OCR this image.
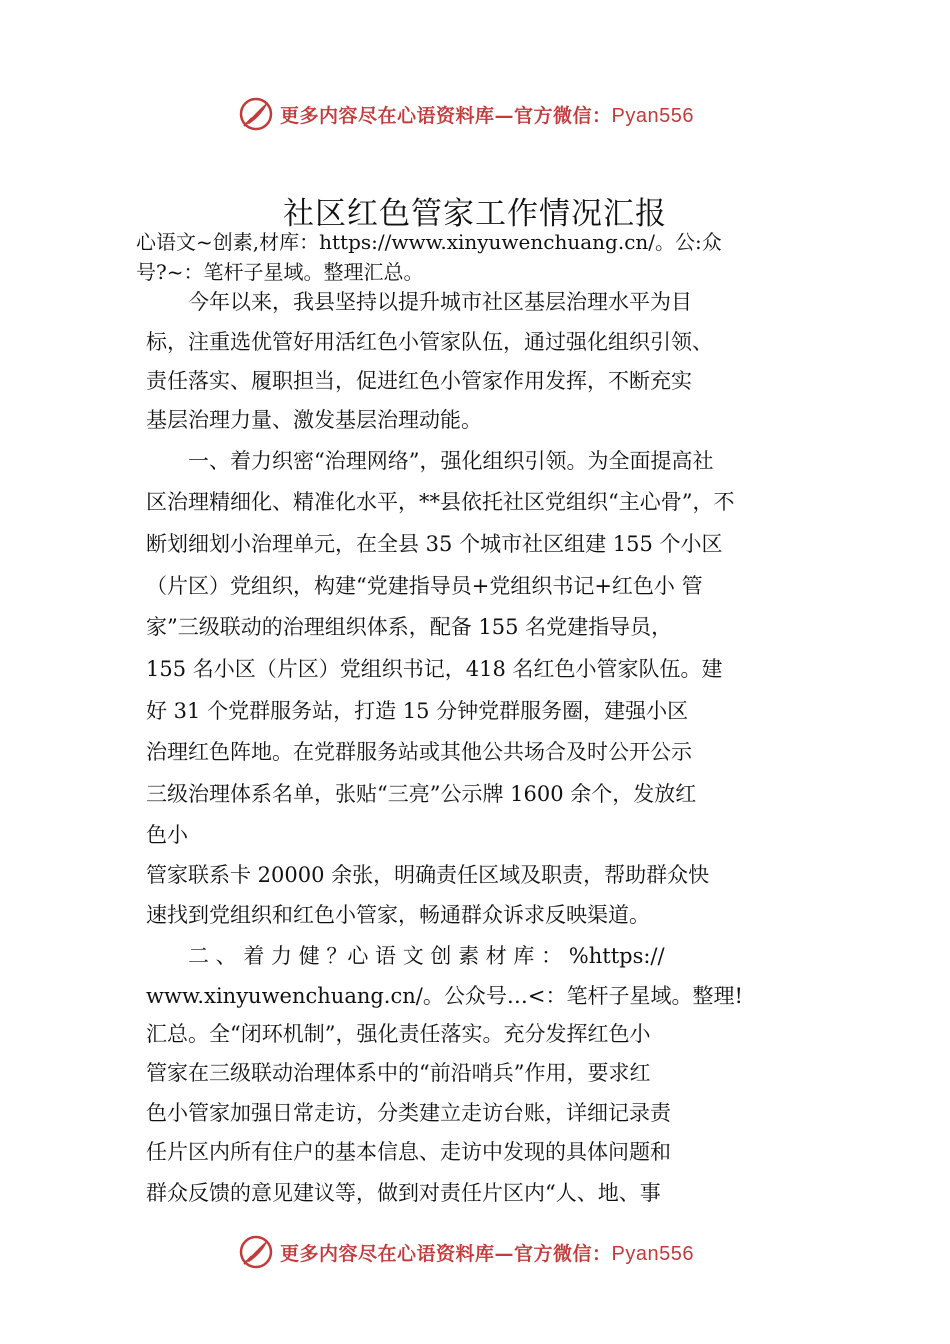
更多内容尽在心语资料库—官方微信：Pyan556
社区红色管家工作情况汇报
心语文~创素,材库：https://www.xinyuwenchuang.cn/。公:众
号?~：笔杆子星域。整理汇总。
　　今年以来，我县坚持以提升城市社区基层治理水平为目
标，注重选优管好用活红色小管家队伍，通过强化组织引领、
责任落实、履职担当，促进红色小管家作用发挥，不断充实
基层治理力量、激发基层治理动能。
　　一、着力织密“治理网络”，强化组织引领。为全面提高社
区治理精细化、精准化水平，**县依托社区党组织“主心骨”，不
断划细划小治理单元，在全县 35 个城市社区组建 155 个小区
（片区）党组织，构建“党建指导员+党组织书记+红色小 管
家”三级联动的治理组织体系，配备 155 名党建指导员，
155 名小区（片区）党组织书记，418 名红色小管家队伍。建
好 31 个党群服务站，打造 15 分钟党群服务圈，建强小区
治理红色阵地。在党群服务站或其他公共场合及时公开公示
三级治理体系名单，张贴“三亮”公示牌 1600 余个，发放红
色小
管家联系卡 20000 余张，明确责任区域及职责，帮助群众快
速找到党组织和红色小管家，畅通群众诉求反映渠道。
　　二 、 着 力 健 ？心 语 文 创 素 材 库 ： %https://
www.xinyuwenchuang.cn/。公众号…<：笔杆子星域。整理!
汇总。全“闭环机制”，强化责任落实。充分发挥红色小
管家在三级联动治理体系中的“前沿哨兵”作用，要求红
色小管家加强日常走访，分类建立走访台账，详细记录责
任片区内所有住户的基本信息、走访中发现的具体问题和
群众反馈的意见建议等，做到对责任片区内“人、地、事
更多内容尽在心语资料库—官方微信：Pyan556
